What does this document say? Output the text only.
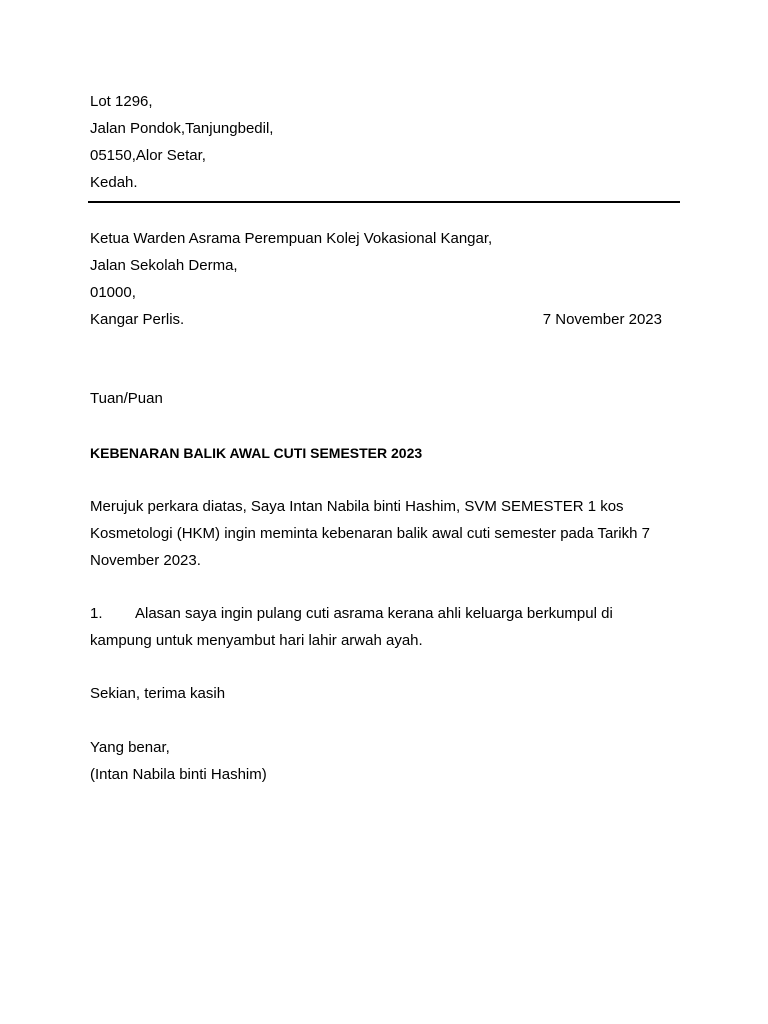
Lot 1296,
Jalan Pondok,Tanjungbedil,
05150,Alor Setar,
Kedah.
Ketua Warden Asrama Perempuan Kolej Vokasional Kangar,
Jalan Sekolah Derma,
01000,
Kangar Perlis.	7 November 2023
Tuan/Puan
KEBENARAN BALIK AWAL CUTI SEMESTER 2023
Merujuk perkara diatas, Saya Intan Nabila binti Hashim, SVM SEMESTER 1 kos
Kosmetologi (HKM) ingin meminta kebenaran balik awal cuti semester pada Tarikh 7
November 2023.
1. Alasan saya ingin pulang cuti asrama kerana ahli keluarga berkumpul di
kampung untuk menyambut hari lahir arwah ayah.
Sekian, terima kasih
Yang benar,
(Intan Nabila binti Hashim)
